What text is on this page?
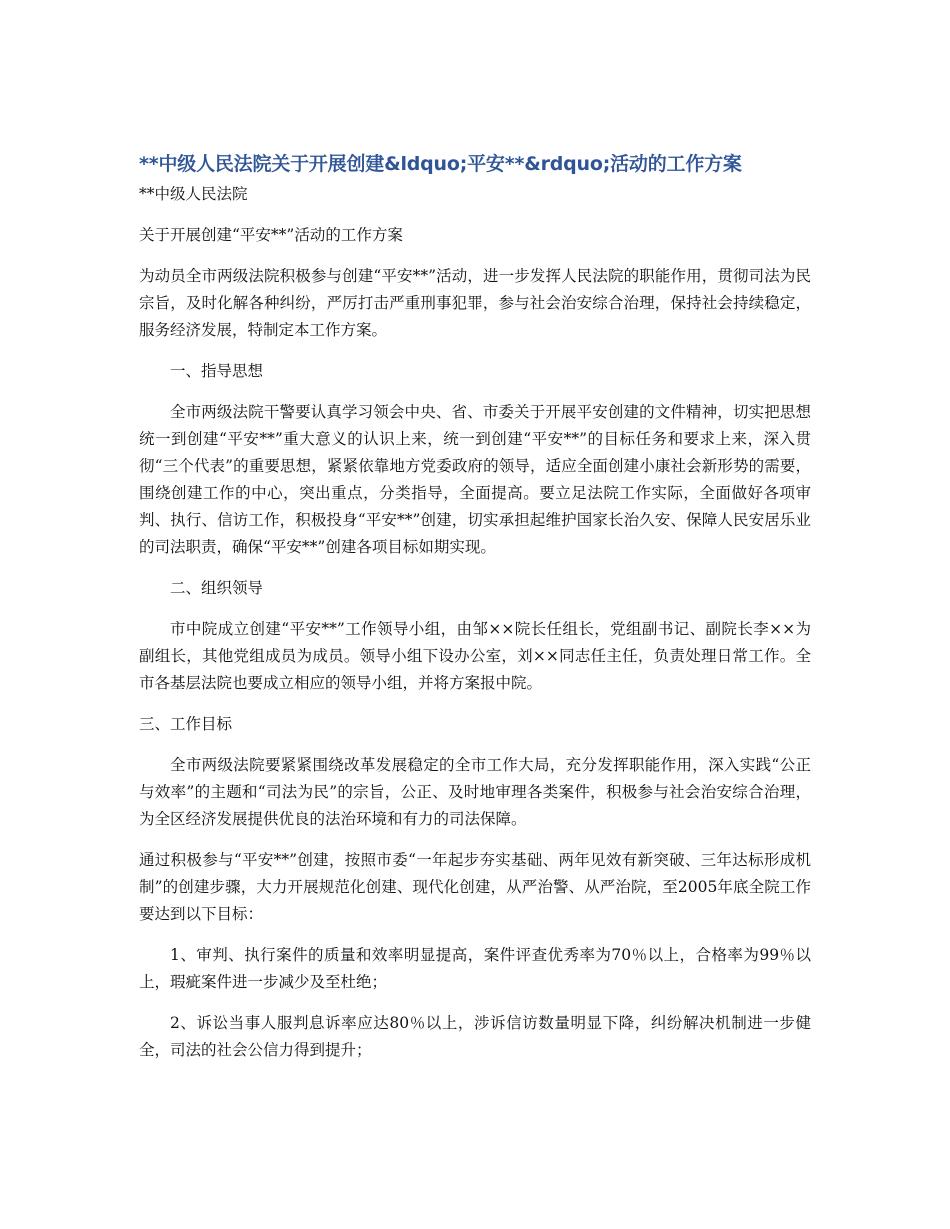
**中级人民法院关于开展创建&ldquo;平安**&rdquo;活动的工作方案
**中级人民法院

关于开展创建“平安**”活动的工作方案

为动员全市两级法院积极参与创建“平安**”活动，进一步发挥人民法院的职能作用，贯彻司法为民宗旨，及时化解各种纠纷，严厉打击严重刑事犯罪，参与社会治安综合治理，保持社会持续稳定，服务经济发展，特制定本工作方案。

一、指导思想

全市两级法院干警要认真学习领会中央、省、市委关于开展平安创建的文件精神，切实把思想统一到创建“平安**”重大意义的认识上来，统一到创建“平安**”的目标任务和要求上来，深入贯彻“三个代表”的重要思想，紧紧依靠地方党委政府的领导，适应全面创建小康社会新形势的需要，围绕创建工作的中心，突出重点，分类指导，全面提高。要立足法院工作实际，全面做好各项审判、执行、信访工作，积极投身“平安**”创建，切实承担起维护国家长治久安、保障人民安居乐业的司法职责，确保“平安**”创建各项目标如期实现。

二、组织领导

市中院成立创建“平安**”工作领导小组，由邹××院长任组长，党组副书记、副院长李××为副组长，其他党组成员为成员。领导小组下设办公室，刘××同志任主任，负责处理日常工作。全市各基层法院也要成立相应的领导小组，并将方案报中院。

三、工作目标

全市两级法院要紧紧围绕改革发展稳定的全市工作大局，充分发挥职能作用，深入实践“公正与效率”的主题和“司法为民”的宗旨，公正、及时地审理各类案件，积极参与社会治安综合治理，为全区经济发展提供优良的法治环境和有力的司法保障。

通过积极参与“平安**”创建，按照市委“一年起步夯实基础、两年见效有新突破、三年达标形成机制”的创建步骤，大力开展规范化创建、现代化创建，从严治警、从严治院，至2005年底全院工作要达到以下目标：

1、审判、执行案件的质量和效率明显提高，案件评查优秀率为70％以上，合格率为99％以上，瑕疵案件进一步减少及至杜绝；

2、诉讼当事人服判息诉率应达80％以上，涉诉信访数量明显下降，纠纷解决机制进一步健全，司法的社会公信力得到提升；
